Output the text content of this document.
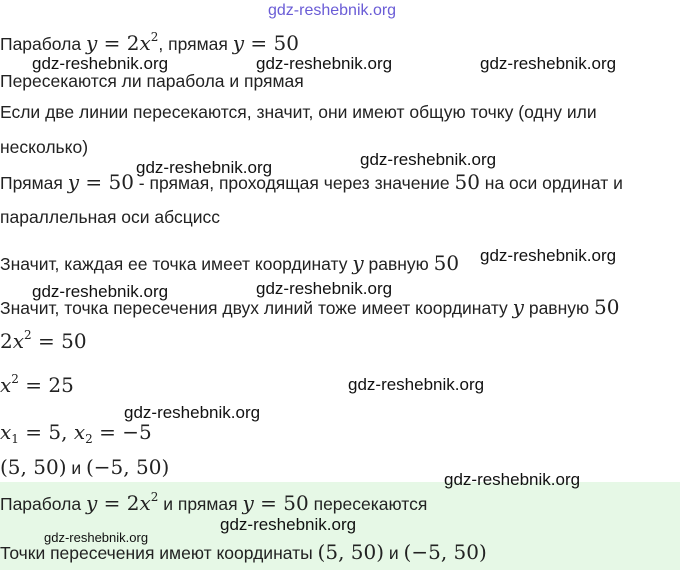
gdz-reshebnik.org
Парабола $y = 2x^2$, прямая y = 50
gdz-reshebnik.org	gdz-reshebnik.org	gdz-reshebnik.org
Пересекаются ли парабола и прямая
Если две линии пересекаются, значит, они имеют общую точку (одну или
несколько)
gdz-reshebnik.org	gdz-reshebnik.org
Прямая y = 50 - прямая, проходящая через значение 50 на оси ординат и
параллельная оси абсцисс
Значит, каждая ее точка имеет координату y равную 50 gdz-reshebnik.org
gdz-reshebnik.org	gdz-reshebnik.org
Значит, точка пересечения двух линий тоже имеет координату y равную 50
$2x^2 = 50$
$x^2 = 25$	gdz-reshebnik.org
gdz-reshebnik.org
$x_1 = 5$, $x_2 = -5$
(5, 50) и (−5, 50)
gdz-reshebnik.org
Парабола $y = 2x^2$ и прямая y = 50 пересекаются
gdz-reshebnik.org
gdz-reshebnik.org
Точки пересечения имеют координаты (5, 50) и (−5, 50)
